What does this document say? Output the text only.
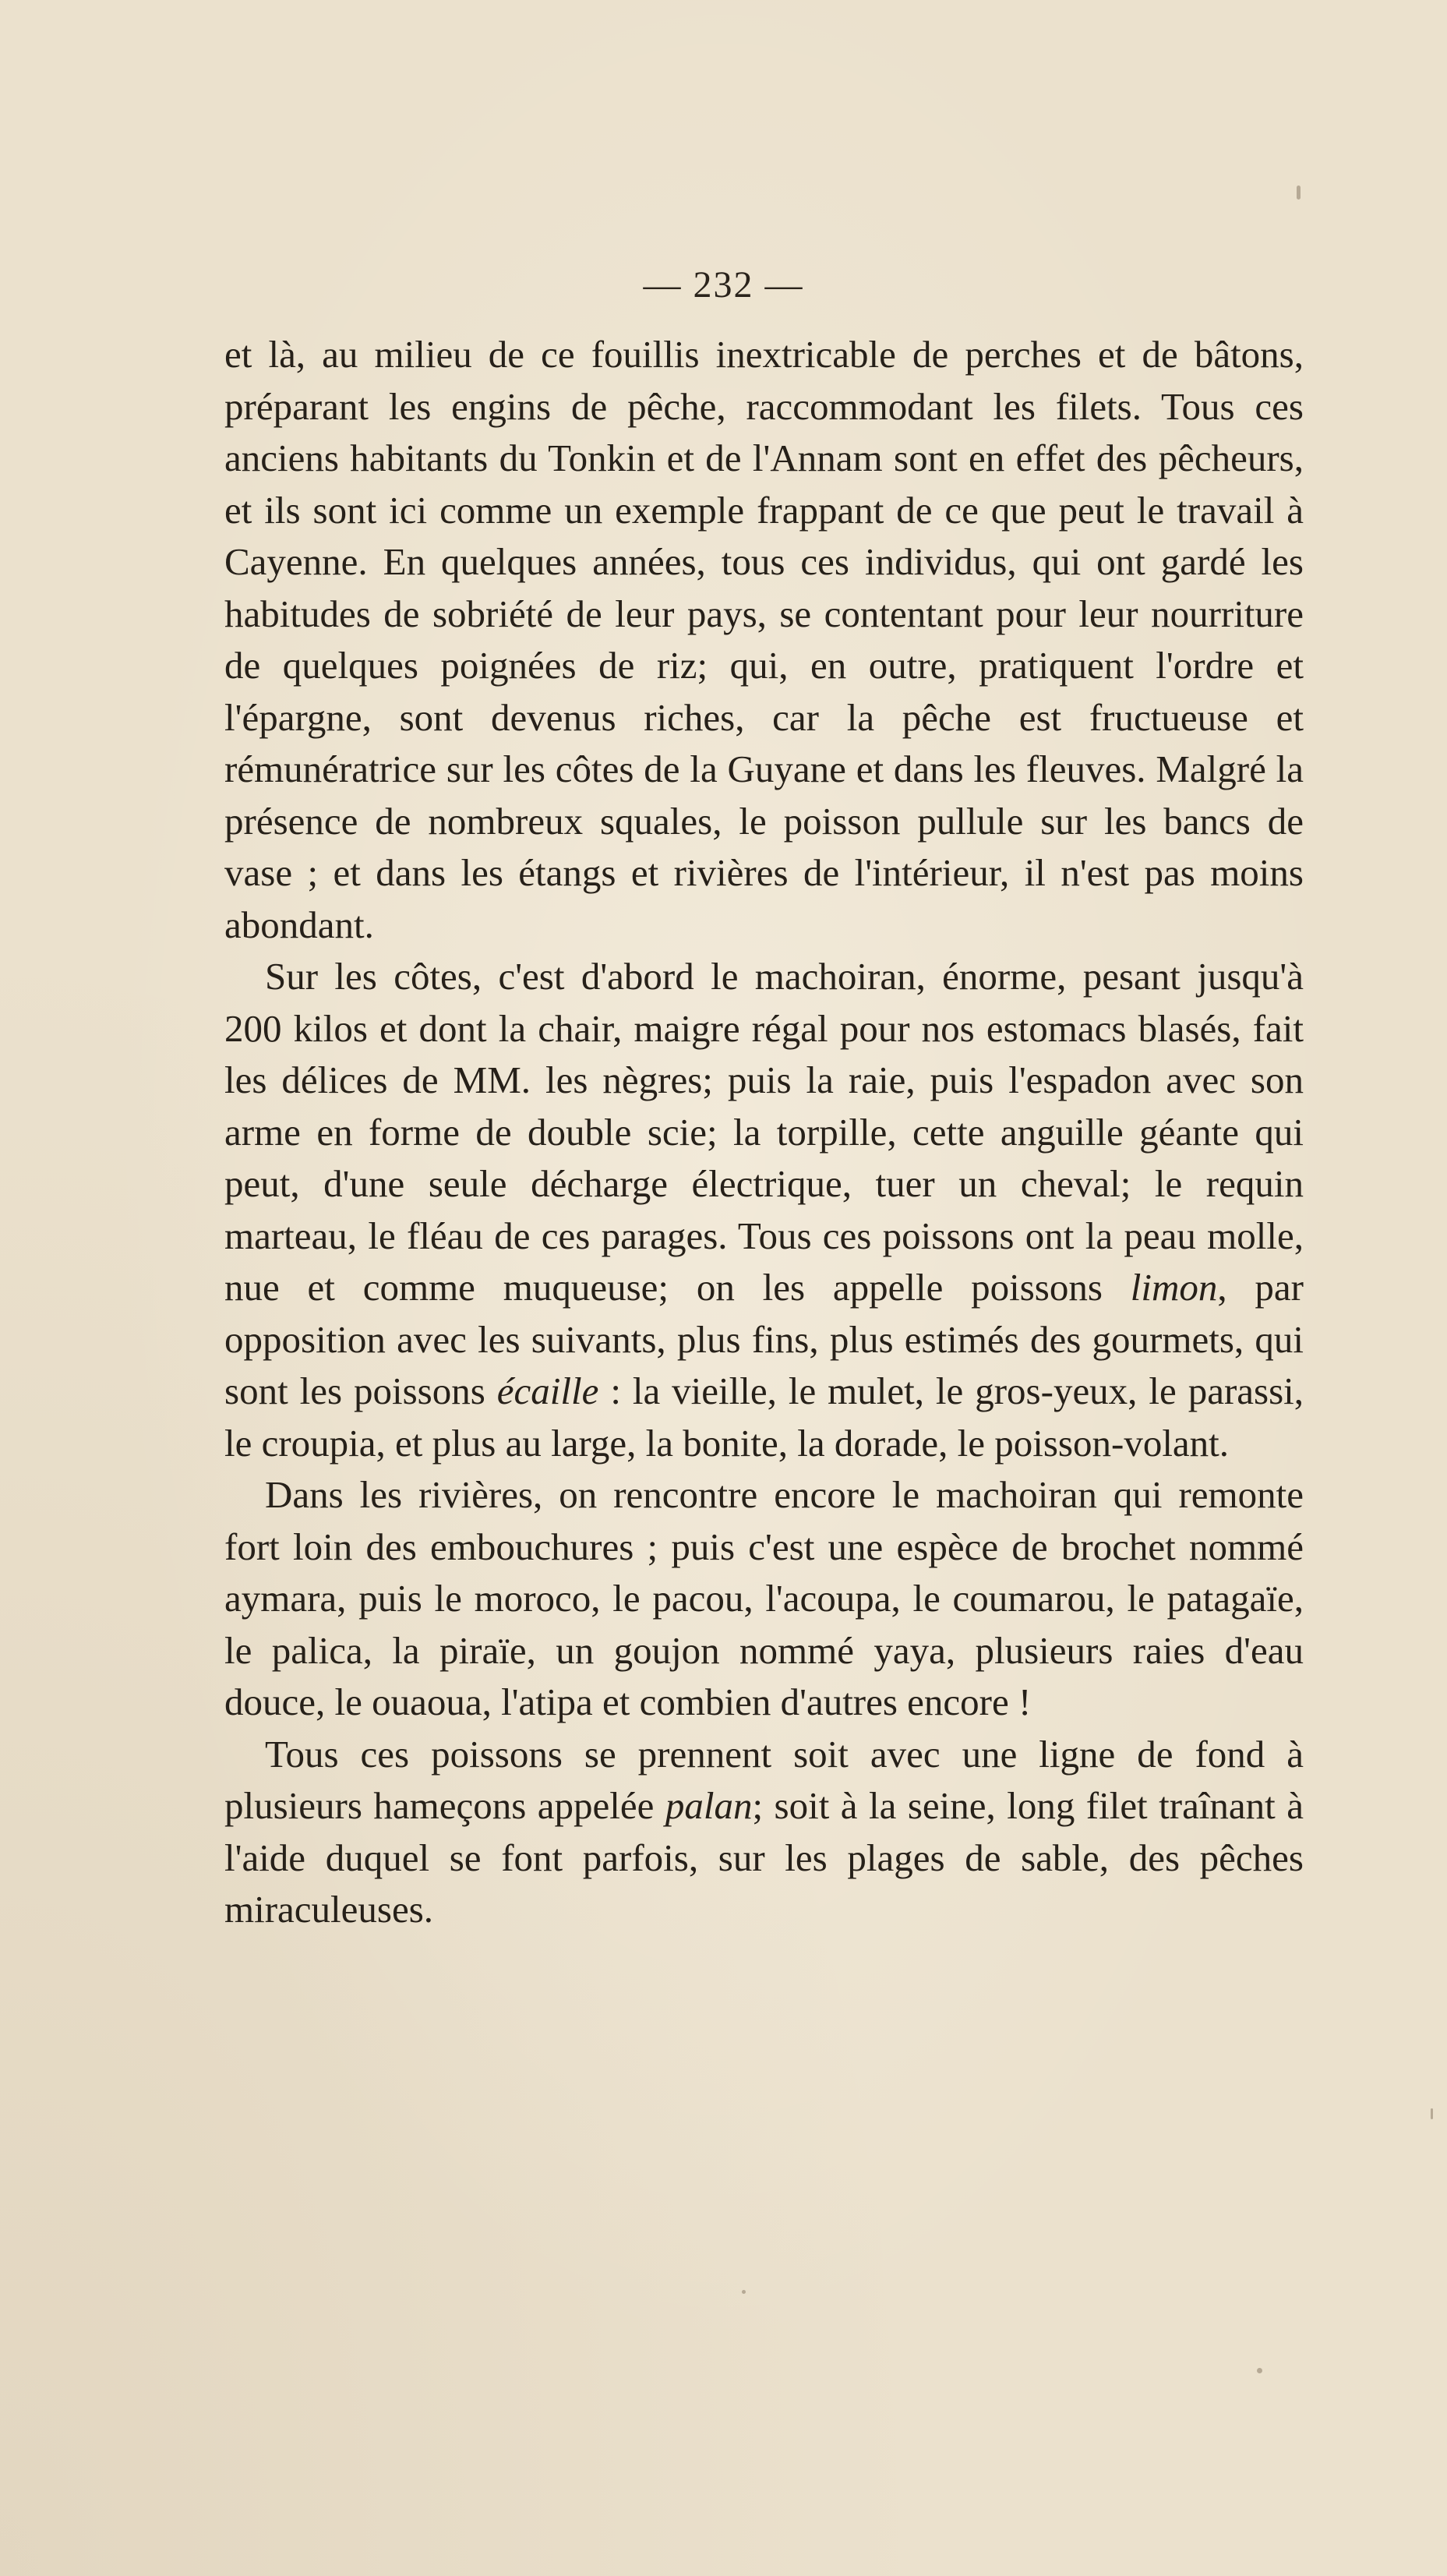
— 232 —

et là, au milieu de ce fouillis inextricable de perches et de bâtons, préparant les engins de pêche, raccommodant les filets. Tous ces anciens habitants du Tonkin et de l'Annam sont en effet des pêcheurs, et ils sont ici comme un exemple frappant de ce que peut le travail à Cayenne. En quelques années, tous ces individus, qui ont gardé les habitudes de sobriété de leur pays, se contentant pour leur nourriture de quelques poignées de riz; qui, en outre, pratiquent l'ordre et l'épargne, sont devenus riches, car la pêche est fructueuse et rémunératrice sur les côtes de la Guyane et dans les fleuves. Malgré la présence de nombreux squales, le poisson pullule sur les bancs de vase ; et dans les étangs et rivières de l'intérieur, il n'est pas moins abondant.

Sur les côtes, c'est d'abord le machoiran, énorme, pesant jusqu'à 200 kilos et dont la chair, maigre régal pour nos estomacs blasés, fait les délices de MM. les nègres; puis la raie, puis l'espadon avec son arme en forme de double scie; la torpille, cette anguille géante qui peut, d'une seule décharge électrique, tuer un cheval; le requin marteau, le fléau de ces parages. Tous ces poissons ont la peau molle, nue et comme muqueuse; on les appelle poissons limon, par opposition avec les suivants, plus fins, plus estimés des gourmets, qui sont les poissons écaille : la vieille, le mulet, le gros-yeux, le parassi, le croupia, et plus au large, la bonite, la dorade, le poisson-volant.

Dans les rivières, on rencontre encore le machoiran qui remonte fort loin des embouchures ; puis c'est une espèce de brochet nommé aymara, puis le moroco, le pacou, l'acoupa, le coumarou, le patagaïe, le palica, la piraïe, un goujon nommé yaya, plusieurs raies d'eau douce, le ouaoua, l'atipa et combien d'autres encore !

Tous ces poissons se prennent soit avec une ligne de fond à plusieurs hameçons appelée palan; soit à la seine, long filet traînant à l'aide duquel se font parfois, sur les plages de sable, des pêches miraculeuses.
